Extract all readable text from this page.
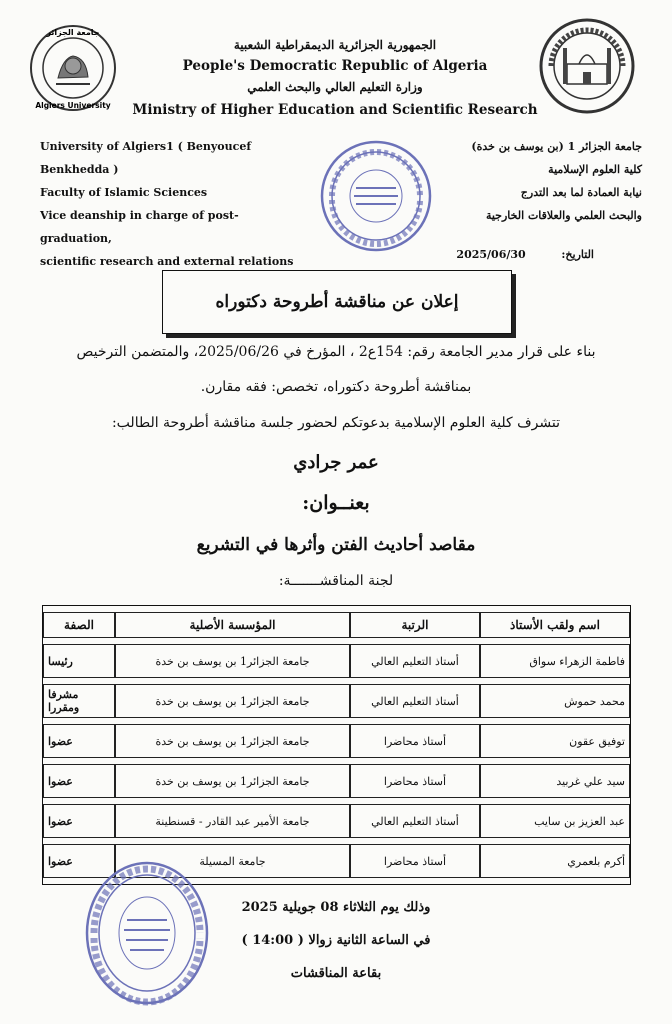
جامعة الجزائر
Algiers University
الجمهورية الجزائرية الديمقراطية الشعبية
People's Democratic Republic of Algeria
وزارة التعليم العالي والبحث العلمي
Ministry of Higher Education and Scientific Research
University of Algiers1 ( Benyoucef Benkhedda )
Faculty of Islamic Sciences
Vice deanship in charge of post-graduation,
scientific research and external relations
جامعة الجزائر 1 (بن يوسف بن خدة)
كلية العلوم الإسلامية
نيابة العمادة لما بعد التدرج
والبحث العلمي والعلاقات الخارجية
التاريخ:  2025/06/30
إعلان عن مناقشة أطروحة دكتوراه
بناء على قرار مدير الجامعة رقم: 154ع2 ، المؤرخ في 2025/06/26، والمتضمن الترخيص
بمناقشة أطروحة دكتوراه، تخصص: فقه مقارن.
تتشرف كلية العلوم الإسلامية بدعوتكم لحضور جلسة مناقشة أطروحة الطالب:
عمر جرادي
بعنــوان:
مقاصد أحاديث الفتن وأثرها في التشريع
لجنة المناقشـــــــة:
اسم ولقب الأستاذ	الرتبة	المؤسسة الأصلية	الصفة
فاطمة الزهراء سواق	أستاذ التعليم العالي	جامعة الجزائر1 بن يوسف بن خدة	رئيسا
محمد حموش	أستاذ التعليم العالي	جامعة الجزائر1 بن يوسف بن خدة	مشرفا ومقررا
توفيق عقون	أستاذ محاضرا	جامعة الجزائر1 بن يوسف بن خدة	عضوا
سيد علي غربيد	أستاذ محاضرا	جامعة الجزائر1 بن يوسف بن خدة	عضوا
عبد العزيز بن سايب	أستاذ التعليم العالي	جامعة الأمير عبد القادر - قسنطينة	عضوا
أكرم بلعمري	أستاذ محاضرا	جامعة المسيلة	عضوا
وذلك يوم الثلاثاء 08 جويلية 2025
في الساعة الثانية زوالا ( 14:00 )
بقاعة المناقشات
